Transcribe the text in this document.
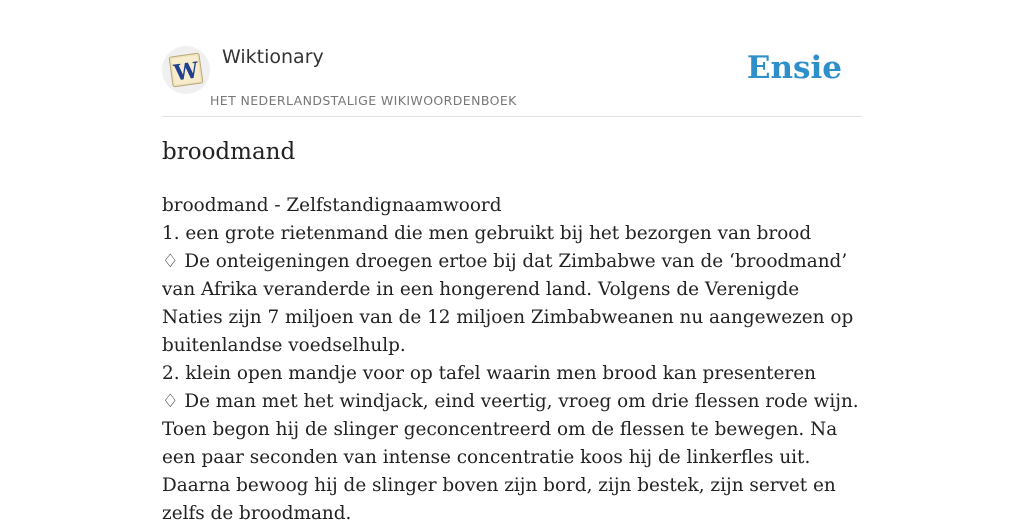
W
Wiktionary
HET NEDERLANDSTALIGE WIKIWOORDENBOEK
Ensie
broodmand

broodmand - Zelfstandignaamwoord

1. een grote rietenmand die men gebruikt bij het bezorgen van brood

♢ De onteigeningen droegen ertoe bij dat Zimbabwe van de ‘broodmand’ van Afrika veranderde in een hongerend land. Volgens de Verenigde Naties zijn 7 miljoen van de 12 miljoen Zimbabweanen nu aangewezen op buitenlandse voedselhulp.

2. klein open mandje voor op tafel waarin men brood kan presenteren

♢ De man met het windjack, eind veertig, vroeg om drie flessen rode wijn. Toen begon hij de slinger geconcentreerd om de flessen te bewegen. Na een paar seconden van intense concentratie koos hij de linkerfles uit. Daarna bewoog hij de slinger boven zijn bord, zijn bestek, zijn servet en zelfs de broodmand.
